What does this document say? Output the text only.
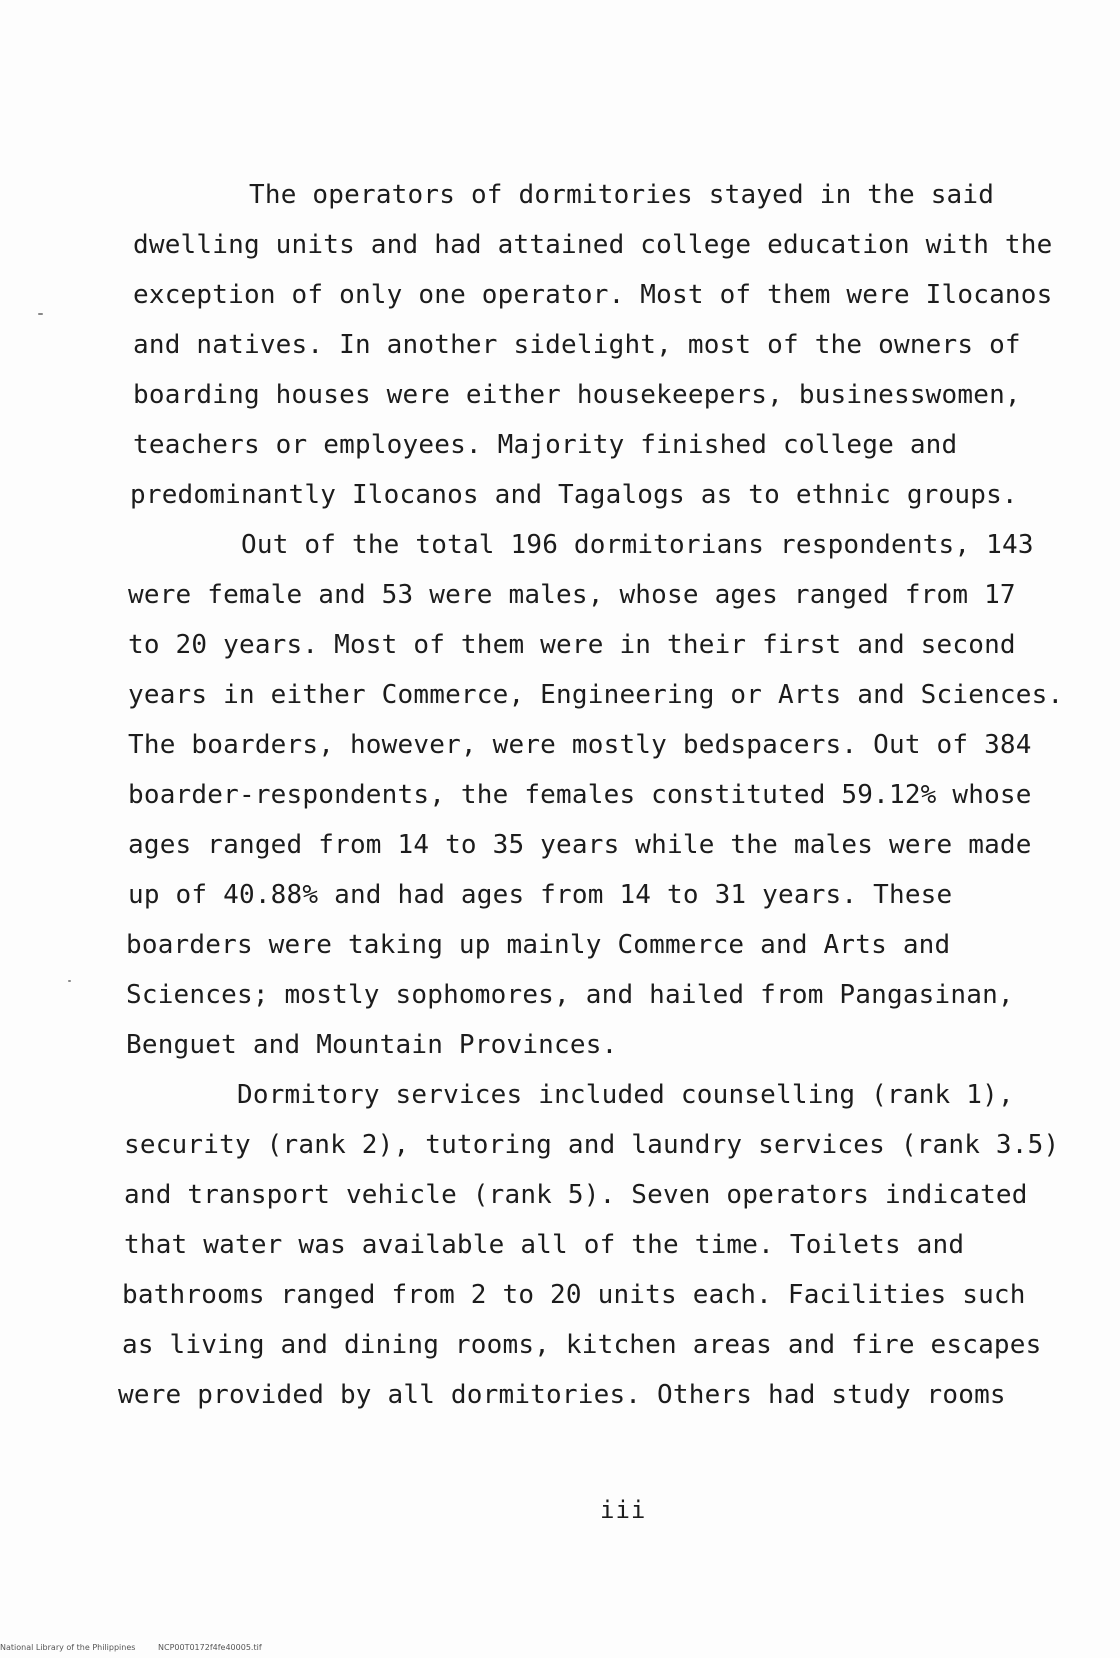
The operators of dormitories stayed in the said

dwelling units and had attained college education with the

exception of only one operator. Most of them were Ilocanos

and natives. In another sidelight, most of the owners of

boarding houses were either housekeepers, businesswomen,

teachers or employees. Majority finished college and

predominantly Ilocanos and Tagalogs as to ethnic groups.

Out of the total 196 dormitorians respondents, 143

were female and 53 were males, whose ages ranged from 17

to 20 years. Most of them were in their first and second

years in either Commerce, Engineering or Arts and Sciences.

The boarders, however, were mostly bedspacers. Out of 384

boarder-respondents, the females constituted 59.12% whose

ages ranged from 14 to 35 years while the males were made

up of 40.88% and had ages from 14 to 31 years. These

boarders were taking up mainly Commerce and Arts and

Sciences; mostly sophomores, and hailed from Pangasinan,

Benguet and Mountain Provinces.

Dormitory services included counselling (rank 1),

security (rank 2), tutoring and laundry services (rank 3.5)

and transport vehicle (rank 5). Seven operators indicated

that water was available all of the time. Toilets and

bathrooms ranged from 2 to 20 units each. Facilities such

as living and dining rooms, kitchen areas and fire escapes

were provided by all dormitories. Others had study rooms

iii
National Library of the Philippines	NCP00T0172f4fe40005.tif
